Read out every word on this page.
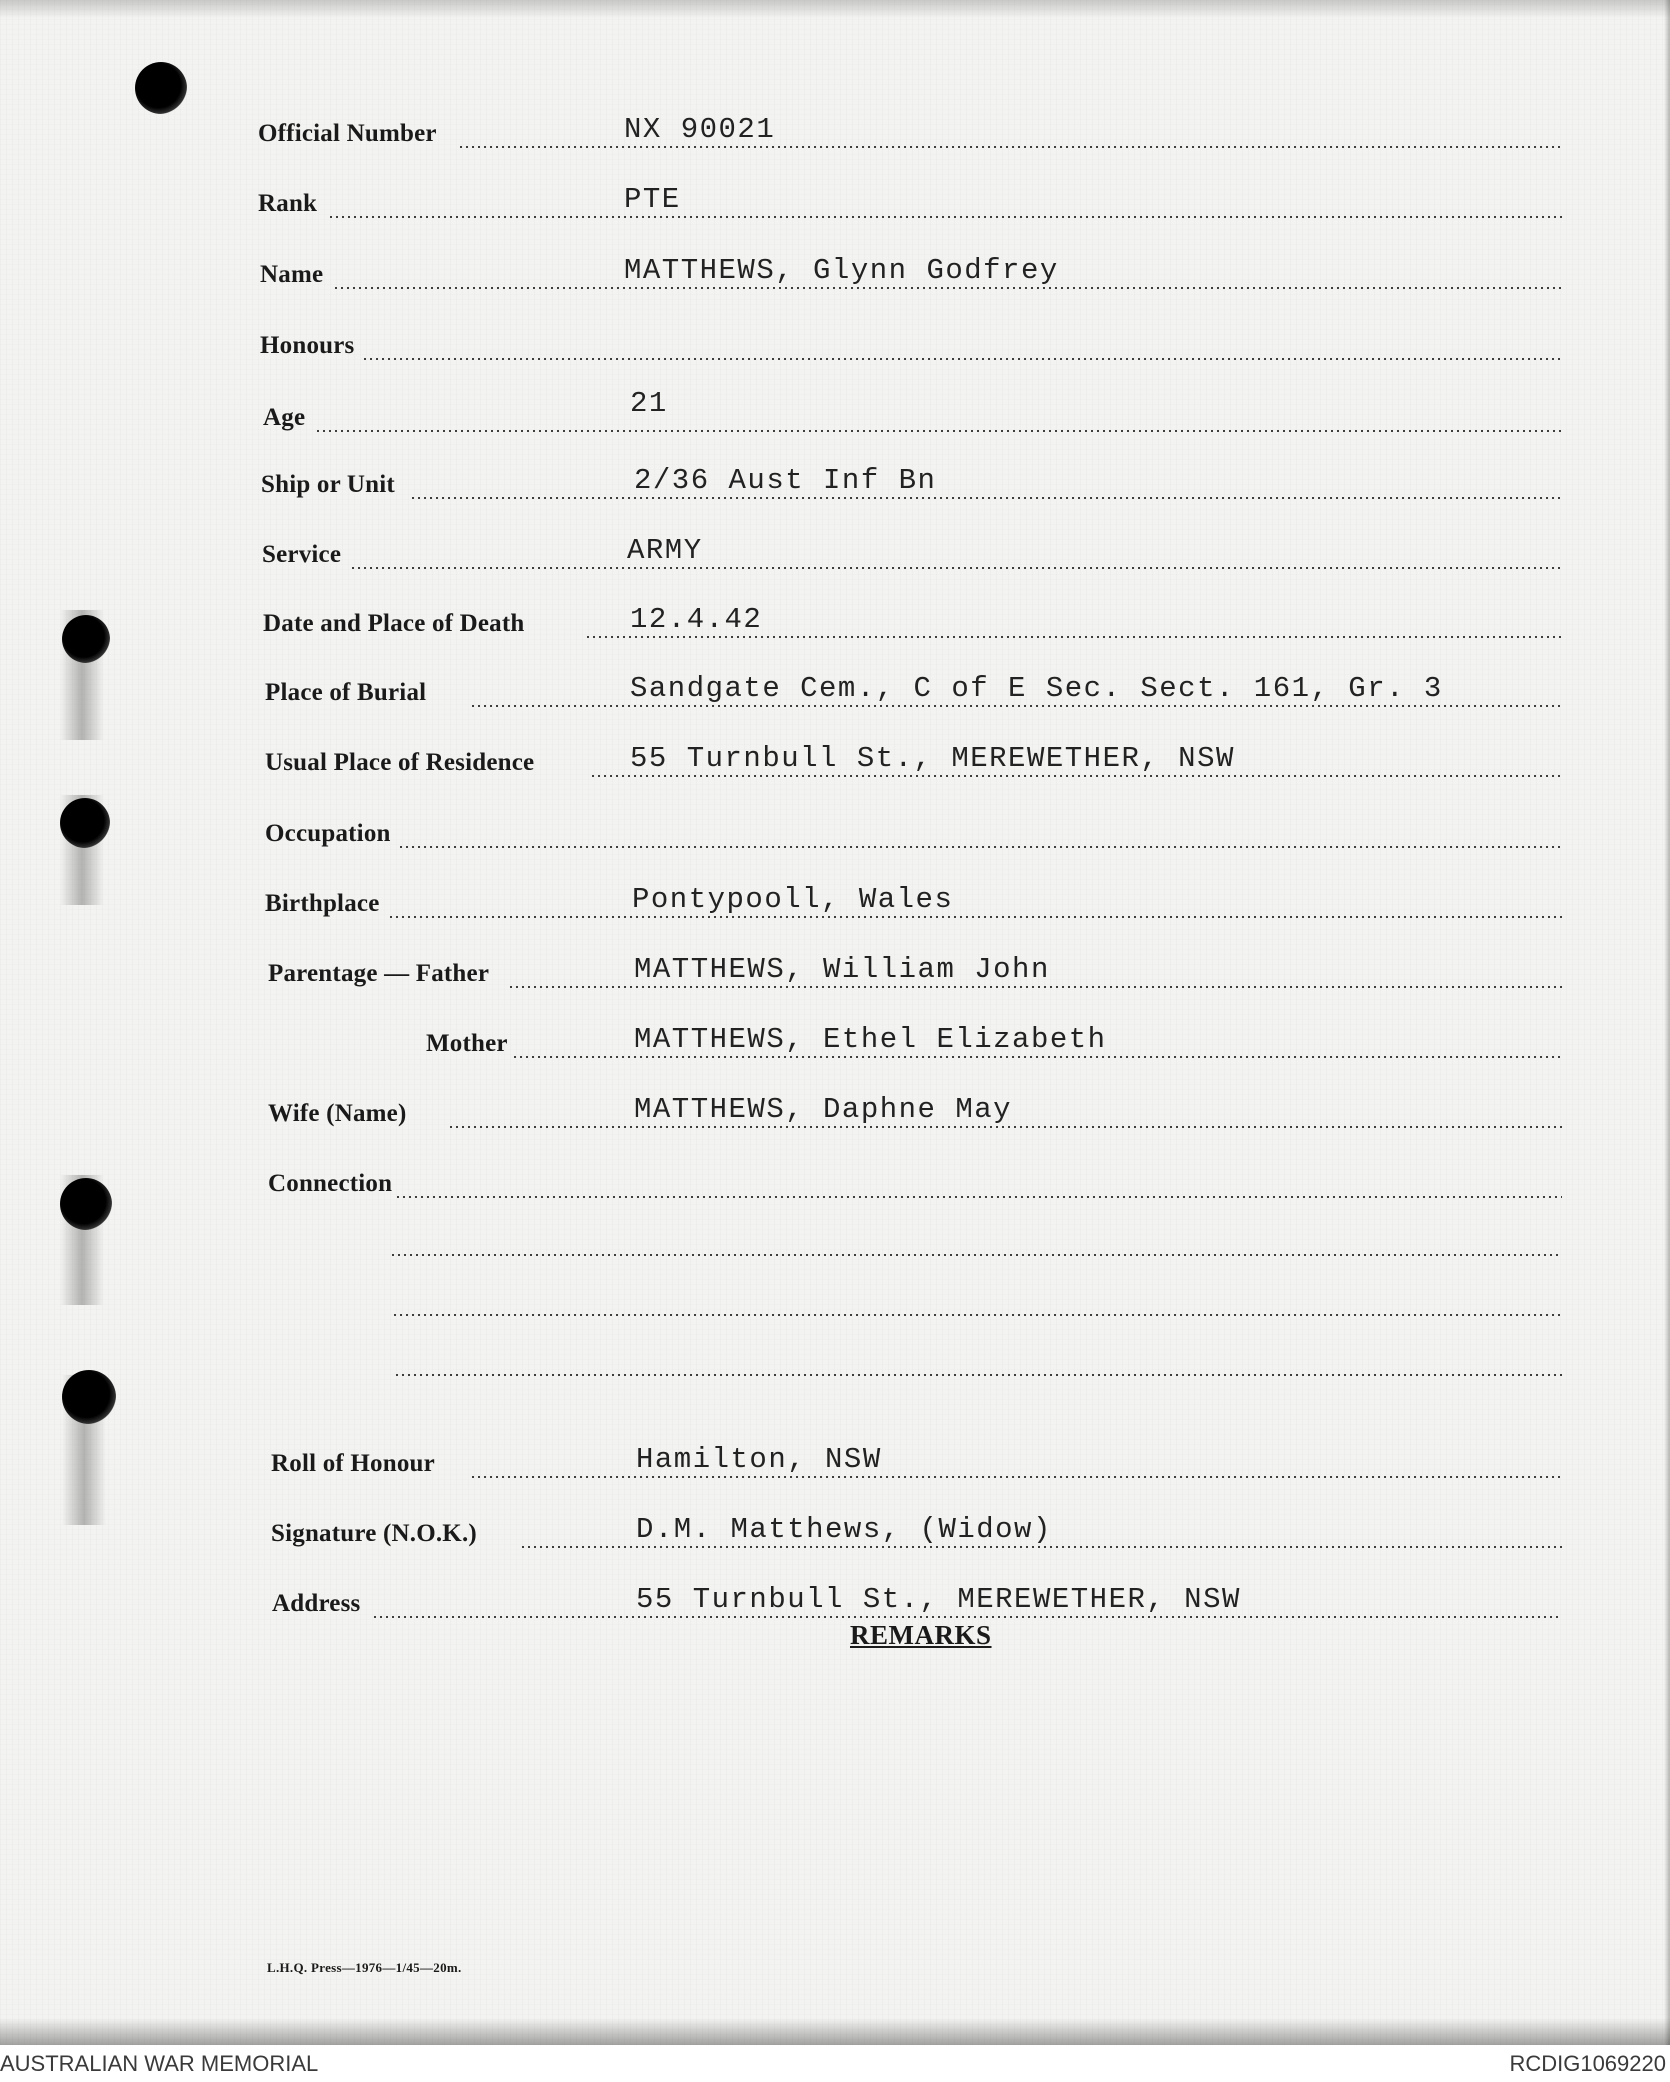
Official Number	NX 90021
Rank	PTE
Name	MATTHEWS, Glynn Godfrey
Honours
Age	21
Ship or Unit	2/36 Aust Inf Bn
Service	ARMY
Date and Place of Death	12.4.42
Place of Burial	Sandgate Cem., C of E Sec. Sect. 161, Gr. 3
Usual Place of Residence	55 Turnbull St., MEREWETHER, NSW
Occupation
Birthplace	Pontypooll, Wales
Parentage — Father	MATTHEWS, William John
Mother	MATTHEWS, Ethel Elizabeth
Wife (Name)	MATTHEWS, Daphne May
Connection
Roll of Honour	Hamilton, NSW
Signature (N.O.K.)	D.M. Matthews, (Widow)
Address	55 Turnbull St., MEREWETHER, NSW
REMARKS
L.H.Q. Press—1976—1/45—20m.
AUSTRALIAN WAR MEMORIAL	RCDIG1069220
